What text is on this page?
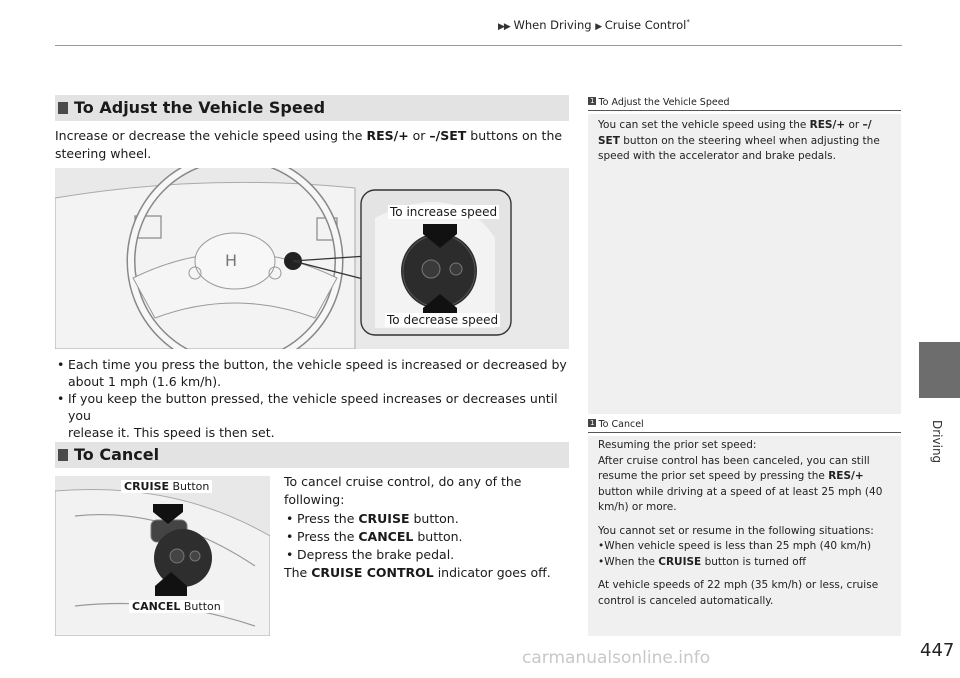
▶▶ When Driving ▶ Cruise Control*
Driving
To Adjust the Vehicle Speed
Increase or decrease the vehicle speed using the RES/+ or –/SET buttons on the
steering wheel.
H
To increase speed
To decrease speed
• Each time you press the button, the vehicle speed is increased or decreased by
about 1 mph (1.6 km/h).
• If you keep the button pressed, the vehicle speed increases or decreases until you
release it. This speed is then set.
To Cancel
CRUISE Button
CANCEL Button
To cancel cruise control, do any of the
following:
• Press the CRUISE button.
• Press the CANCEL button.
• Depress the brake pedal.
The CRUISE CONTROL indicator goes off.
1 To Adjust the Vehicle Speed
You can set the vehicle speed using the RES/+ or –/
SET button on the steering wheel when adjusting the
speed with the accelerator and brake pedals.
1 To Cancel
Resuming the prior set speed:
After cruise control has been canceled, you can still
resume the prior set speed by pressing the RES/+
button while driving at a speed of at least 25 mph (40
km/h) or more.

You cannot set or resume in the following situations:
•When vehicle speed is less than 25 mph (40 km/h)
•When the CRUISE button is turned off

At vehicle speeds of 22 mph (35 km/h) or less, cruise
control is canceled automatically.
447
carmanualsonline.info
